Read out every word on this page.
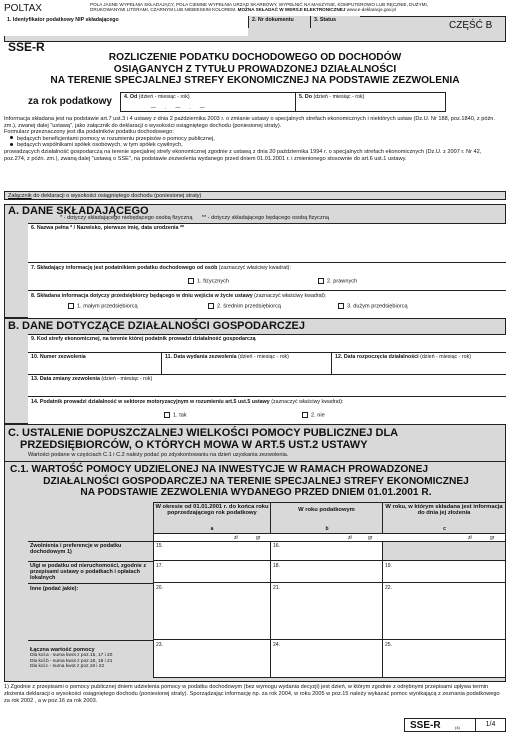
POLTAX	POLA JASNE WYPEŁNIA SKŁADAJĄCY, POLA CIEMNE WYPEŁNIA URZĄD SKARBOWY. WYPEŁNIĆ NA MASZYNIE, KOMPUTEROWO LUB RĘCZNIE, DUŻYMI, DRUKOWANYMI LITERAMI, CZARNYM LUB NIEBIESKIM KOLOREM. MOŻNA SKŁADAĆ W WERSJI ELEKTRONICZNEJ www.e-deklaracje.gov.pl
1. Identyfikator podatkowy NIP składającego	2. Nr dokumentu	3. Status	CZĘŚĆ B
SSE-R
ROZLICZENIE PODATKU DOCHODOWEGO OD DOCHODÓW
OSIĄGANYCH Z TYTUŁU PROWADZONEJ DZIAŁALNOŚCI
NA TERENIE SPECJALNEJ STREFY EKONOMICZNEJ NA PODSTAWIE ZEZWOLENIA
za rok podatkowy	4. Od (dzień - miesiąc - rok)
—.—.—
5. Do (dzień - miesiąc - rok)
Informacja składana jest na podstawie art.7 ust.3 i 4 ustawy z dnia 2 października 2003 r. o zmianie ustawy o specjalnych strefach ekonomicznych i niektórych ustaw (Dz.U. Nr 188, poz.1840, z późn. zm.), zwanej dalej "ustawą", jako załącznik do deklaracji o wysokości osiągniętego dochodu (poniesionej straty).
Formularz przeznaczony jest dla podatników podatku dochodowego:
będących beneficjentami pomocy w rozumieniu przepisów o pomocy publicznej,
będących wspólnikami spółek osobowych, w tym spółek cywilnych,
prowadzących działalność gospodarczą na terenie specjalnej strefy ekonomicznej zgodnie z ustawą z dnia 20 października 1994 r. o specjalnych strefach ekonomicznych (Dz.U. z 2007 r. Nr 42, poz.274, z późn. zm.), zwaną dalej "ustawą o SSE", na podstawie zezwolenia wydanego przed dniem 01.01.2001 r. i zmienionego stosownie do art.6 ust.1 ustawy.
Załącznik do deklaracji o wysokości osiągniętego dochodu (poniesionej straty)
A. DANE SKŁADAJĄCEGO
* - dotyczy składającego niebędącego osobą fizyczną ** - dotyczy składającego będącego osobą fizyczną
6. Nazwa pełna * / Nazwisko, pierwsze imię, data urodzenia **
7. Składający informację jest podatnikiem podatku dochodowego od osób (zaznaczyć właściwy kwadrat):
1. fizycznych	2. prawnych
8. Składana informacja dotyczy przedsiębiorcy będącego w dniu wejścia w życie ustawy (zaznaczyć właściwy kwadrat):
1. małym przedsiębiorcą	2. średnim przedsiębiorcą	3. dużym przedsiębiorcą
B. DANE DOTYCZĄCE DZIAŁALNOŚCI GOSPODARCZEJ
9. Kod strefy ekonomicznej, na terenie której podatnik prowadzi działalność gospodarczą
10. Numer zezwolenia	11. Data wydania zezwolenia (dzień - miesiąc - rok)	12. Data rozpoczęcia działalności (dzień - miesiąc - rok)
13. Data zmiany zezwolenia (dzień - miesiąc - rok)
14. Podatnik prowadzi działalność w sektorze motoryzacyjnym w rozumieniu art.5 ust.5 ustawy (zaznaczyć właściwy kwadrat):
1. tak	2. nie
C. USTALENIE DOPUSZCZALNEJ WIELKOŚCI POMOCY PUBLICZNEJ DLA
PRZEDSIĘBIORCÓW, O KTÓRYCH MOWA W ART.5 UST.2 USTAWY
Wartości podane w częściach C.1 i C.2 należy podać po zdyskontowaniu na dzień uzyskania zezwolenia.
C.1. WARTOŚĆ POMOCY UDZIELONEJ NA INWESTYCJE W RAMACH PROWADZONEJ
DZIAŁALNOŚCI GOSPODARCZEJ NA TERENIE SPECJALNEJ STREFY EKONOMICZNEJ
NA PODSTAWIE ZEZWOLENIA WYDANEGO PRZED DNIEM 01.01.2001 R.
W okresie od 01.01.2001 r. do końca roku poprzedzającego rok podatkowy
W roku podatkowym	W roku, w którym składana jest informacja do dnia jej złożenia
a	b	c
zł	gr	zł	gr	zł	gr
Zwolnienia i preferencje w podatku dochodowym 1)
15.	16.
Ulgi w podatku od nieruchomości, zgodnie z przepisami ustawy o podatkach i opłatach lokalnych
17.	18.	19.
Inne (podać jakie):	20.	21.	22.
Łączna wartość pomocy
Dla kol.a - suma kwot z poz.15, 17 i 20
Dla kol.b - suma kwot z poz.16, 18 i 21
Dla kol.c - suma kwot z poz.19 i 22
23.	24.	25.
1) Zgodnie z przepisami o pomocy publicznej dniem udzielenia pomocy w podatku dochodowym (bez wymogu wydania decyzji) jest dzień, w którym zgodnie z odrębnymi przepisami upływa termin złożenia deklaracji o wysokości osiągniętego dochodu (poniesionej straty). Sporządzając informację np. za rok 2004, w roku 2005 w poz.15 należy wykazać pomoc wynikającą z zeznania podatkowego za rok 2002 , a w poz.16 za rok 2003.
SSE-R	(4)	1/4
